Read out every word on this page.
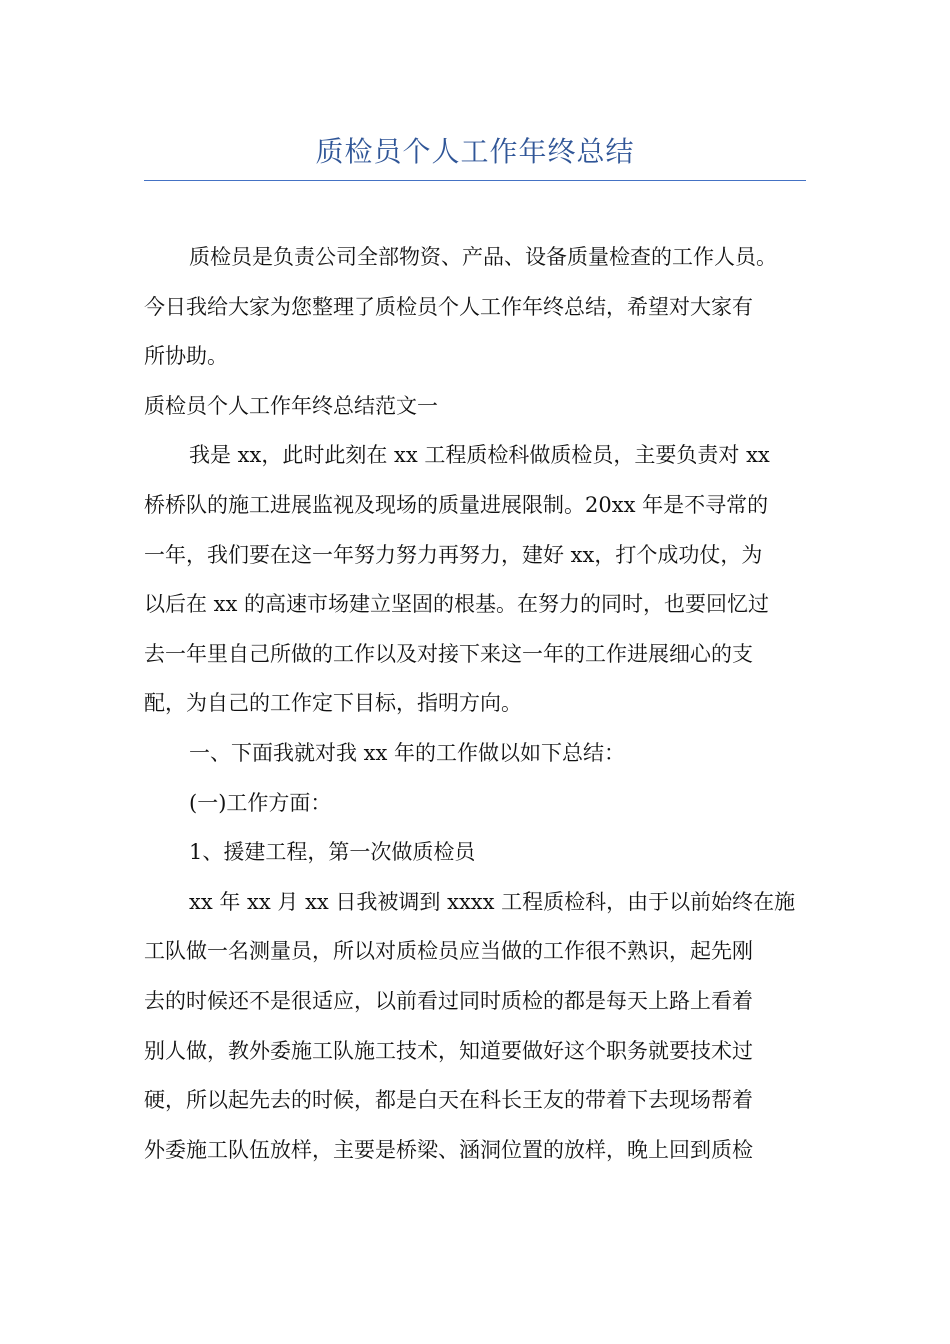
质检员个人工作年终总结
质检员是负责公司全部物资、产品、设备质量检查的工作人员。
今日我给大家为您整理了质检员个人工作年终总结，希望对大家有
所协助。
质检员个人工作年终总结范文一
我是 xx，此时此刻在 xx 工程质检科做质检员，主要负责对 xx
桥桥队的施工进展监视及现场的质量进展限制。20xx 年是不寻常的
一年，我们要在这一年努力努力再努力，建好 xx，打个成功仗，为
以后在 xx 的高速市场建立坚固的根基。在努力的同时，也要回忆过
去一年里自己所做的工作以及对接下来这一年的工作进展细心的支
配，为自己的工作定下目标，指明方向。
一、下面我就对我 xx 年的工作做以如下总结：
(一)工作方面：
1、援建工程，第一次做质检员
xx 年 xx 月 xx 日我被调到 xxxx 工程质检科，由于以前始终在施
工队做一名测量员，所以对质检员应当做的工作很不熟识，起先刚
去的时候还不是很适应，以前看过同时质检的都是每天上路上看着
别人做，教外委施工队施工技术，知道要做好这个职务就要技术过
硬，所以起先去的时候，都是白天在科长王友的带着下去现场帮着
外委施工队伍放样，主要是桥梁、涵洞位置的放样，晚上回到质检
